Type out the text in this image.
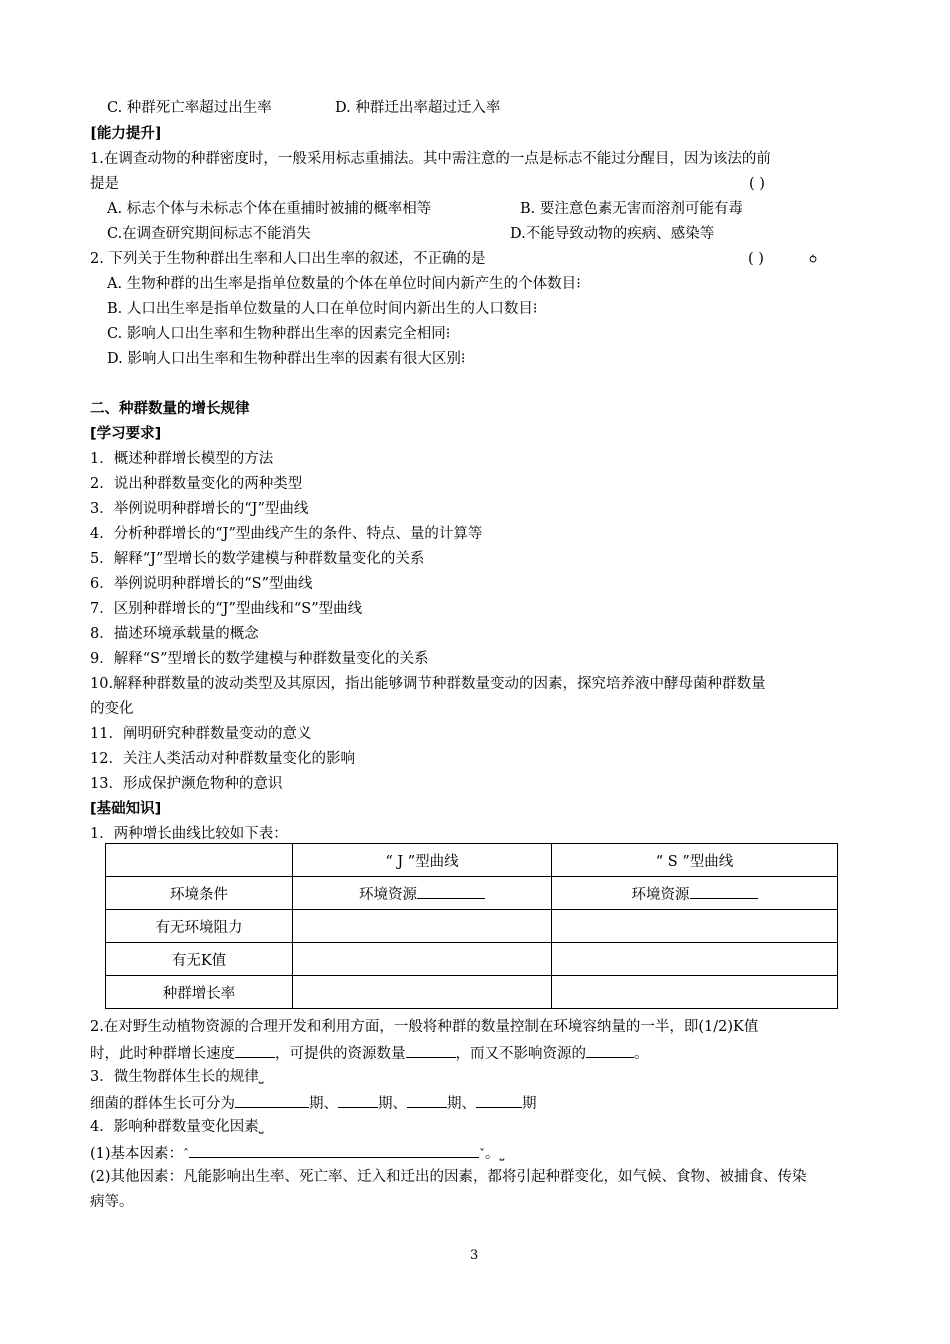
C. 种群死亡率超过出生率	D. 种群迁出率超过迁入率
[能力提升]
1.在调查动物的种群密度时，一般采用标志重捕法。其中需注意的一点是标志不能过分醒目，因为该法的前
提是	( )
A. 标志个体与未标志个体在重捕时被捕的概率相等	B. 要注意色素无害而溶剂可能有毒
C.在调查研究期间标志不能消失	D.不能导致动物的疾病、感染等
2. 下列关于生物种群出生率和人口出生率的叙述，不正确的是	( )	⥀
A. 生物种群的出生率是指单位数量的个体在单位时间内新产生的个体数目⁝
B. 人口出生率是指单位数量的人口在单位时间内新出生的人口数目⁝
C. 影响人口出生率和生物种群出生率的因素完全相同⁝
D. 影响人口出生率和生物种群出生率的因素有很大区别⁝
二、种群数量的增长规律
[学习要求]
1．概述种群增长模型的方法
2．说出种群数量变化的两种类型
3．举例说明种群增长的“J”型曲线
4．分析种群增长的“J”型曲线产生的条件、特点、量的计算等
5．解释“J”型增长的数学建模与种群数量变化的关系
6．举例说明种群增长的“S”型曲线
7．区别种群增长的“J”型曲线和“S”型曲线
8．描述环境承载量的概念
9．解释“S”型增长的数学建模与种群数量变化的关系
10.解释种群数量的波动类型及其原因，指出能够调节种群数量变动的因素，探究培养液中酵母菌种群数量
的变化
11．阐明研究种群数量变动的意义
12．关注人类活动对种群数量变化的影响
13．形成保护濒危物种的意识
[基础知识]
1．两种增长曲线比较如下表：
	“ J ”型曲线	“ S ”型曲线
环境条件	环境资源	环境资源
有无环境阻力		
有无K值		
种群增长率		
2.在对野生动植物资源的合理开发和利用方面，一般将种群的数量控制在环境容纳量的一半，即(1/2)K值
时，此时种群增长速度	，可提供的资源数量	，而又不影响资源的	。
3．微生物群体生长的规律⎵
细菌的群体生长可分为	期、	期、	期、	期
4．影响种群数量变化因素⎵
(1)基本因素：ˆ	ˇ。⎵
(2)其他因素：凡能影响出生率、死亡率、迁入和迁出的因素，都将引起种群变化，如气候、食物、被捕食、传染
病等。
3
